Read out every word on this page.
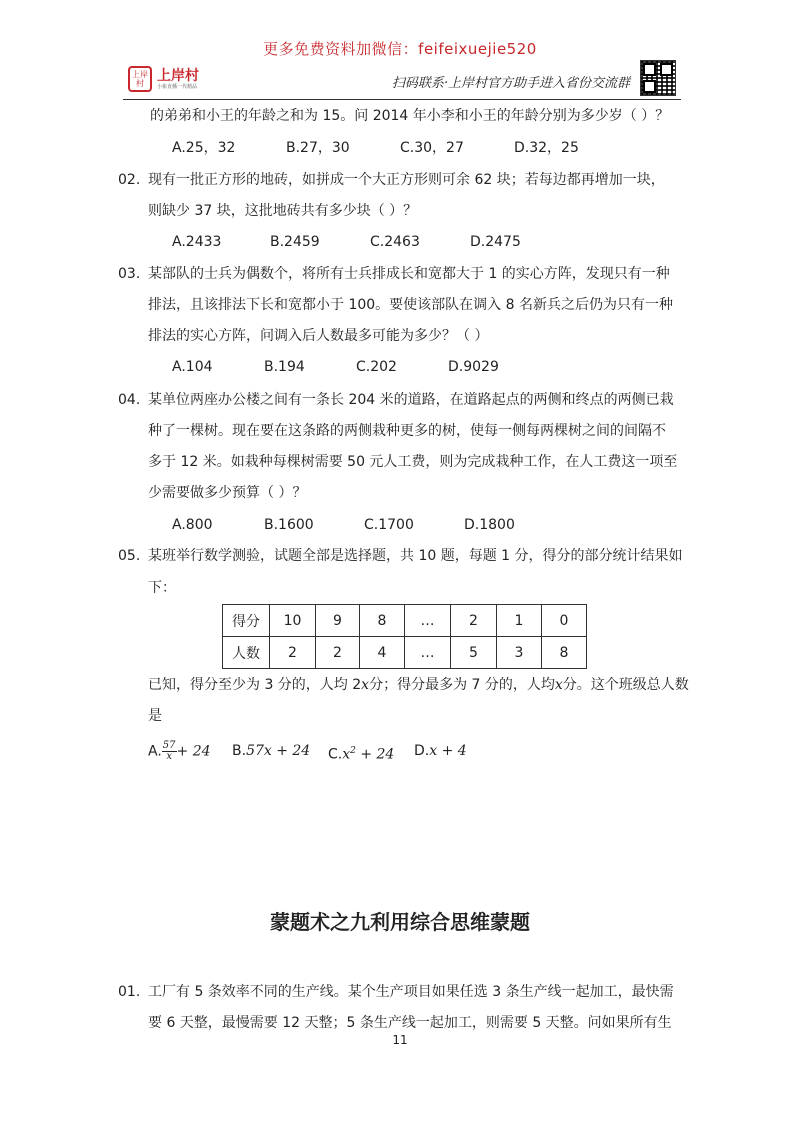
更多免费资料加微信：feifeixuejie520
上岸村 上岸村
小象直播一代精品	扫码联系·上岸村官方助手进入省份交流群
的弟弟和小王的年龄之和为 15。问 2014 年小李和小王的年龄分别为多少岁（ ）？
A.25，32	B.27，30	C.30，27	D.32，25
02. 现有一批正方形的地砖，如拼成一个大正方形则可余 62 块；若每边都再增加一块，
则缺少 37 块，这批地砖共有多少块（ ）？
A.2433	B.2459	C.2463	D.2475
03. 某部队的士兵为偶数个，将所有士兵排成长和宽都大于 1 的实心方阵，发现只有一种
排法，且该排法下长和宽都小于 100。要使该部队在调入 8 名新兵之后仍为只有一种
排法的实心方阵，问调入后人数最多可能为多少？（ ）
A.104	B.194	C.202	D.9029
04. 某单位两座办公楼之间有一条长 204 米的道路，在道路起点的两侧和终点的两侧已栽
种了一棵树。现在要在这条路的两侧栽种更多的树，使每一侧每两棵树之间的间隔不
多于 12 米。如栽种每棵树需要 50 元人工费，则为完成栽种工作，在人工费这一项至
少需要做多少预算（ ）？
A.800	B.1600	C.1700	D.1800
05. 某班举行数学测验，试题全部是选择题，共 10 题，每题 1 分，得分的部分统计结果如
下：
得分	10	9	8	…	2	1	0
人数	2	2	4	…	5	3	8
已知，得分至少为 3 分的，人均 2x分；得分最多为 7 分的，人均x分。这个班级总人数
是
A. $\frac{57}{x} + 24$ B.57x + 24 $C.x^2 + 24$ D.x + 4
蒙题术之九利用综合思维蒙题
01. 工厂有 5 条效率不同的生产线。某个生产项目如果任选 3 条生产线一起加工，最快需
要 6 天整，最慢需要 12 天整；5 条生产线一起加工，则需要 5 天整。问如果所有生
11
